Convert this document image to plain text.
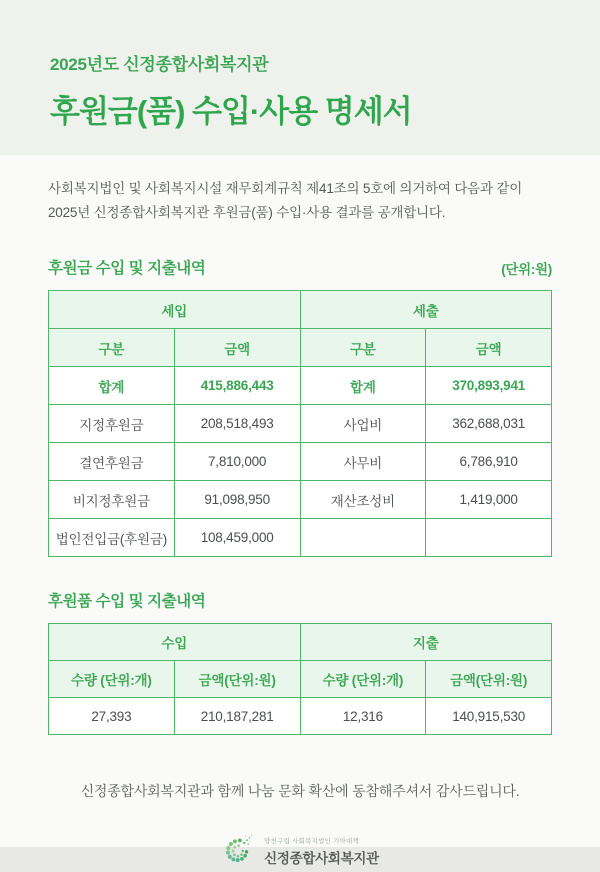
2025년도 신정종합사회복지관
후원금(품) 수입·사용 명세서
사회복지법인 및 사회복지시설 재무회계규칙 제41조의 5호에 의거하여 다음과 같이
2025년 신정종합사회복지관 후원금(품) 수입·사용 결과를 공개합니다.
후원금 수입 및 지출내역	(단위:원)
세입		세출	
구분	금액	구분	금액
합계	415,886,443	합계	370,893,941
지정후원금	208,518,493	사업비	362,688,031
결연후원금	7,810,000	사무비	6,786,910
비지정후원금	91,098,950	재산조성비	1,419,000
법인전입금(후원금)	108,459,000		
후원품 수입 및 지출내역
수입		지출	
수량 (단위:개)	금액(단위:원)	수량 (단위:개)	금액(단위:원)
27,393	210,187,281	12,316	140,915,530
신정종합사회복지관과 함께 나눔 문화 확산에 동참해주셔서 감사드립니다.
양천구립 사회복지법인 기아대책
신정종합사회복지관
